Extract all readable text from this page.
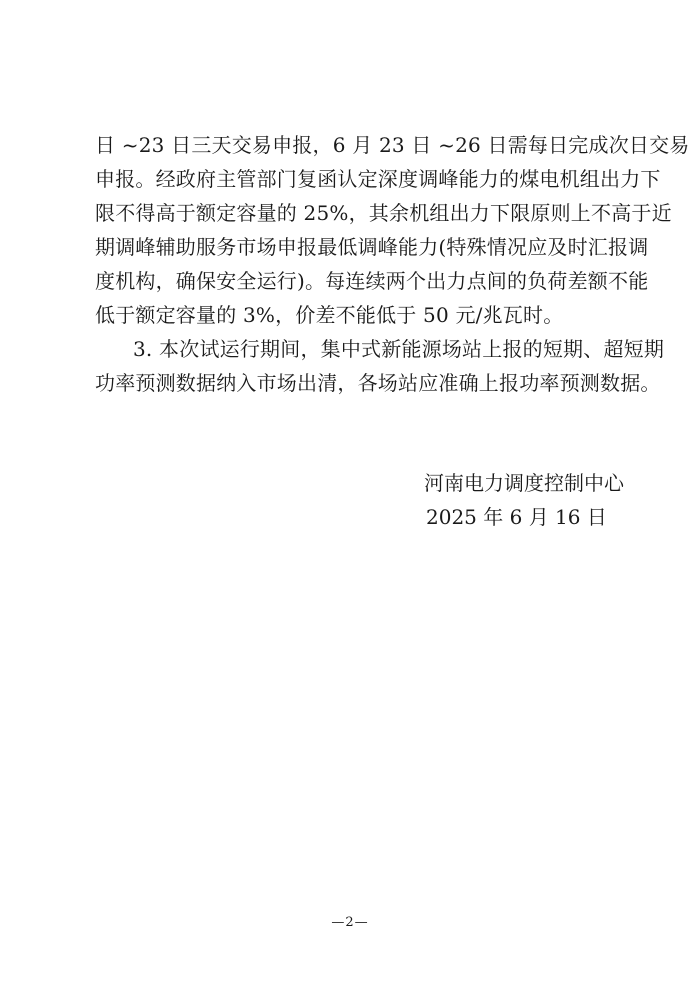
日 ~23 日三天交易申报，6 月 23 日 ~26 日需每日完成次日交易
申报。经政府主管部门复函认定深度调峰能力的煤电机组出力下
限不得高于额定容量的 25%，其余机组出力下限原则上不高于近
期调峰辅助服务市场申报最低调峰能力(特殊情况应及时汇报调
度机构，确保安全运行)。每连续两个出力点间的负荷差额不能
低于额定容量的 3%，价差不能低于 50 元/兆瓦时。
3. 本次试运行期间，集中式新能源场站上报的短期、超短期
功率预测数据纳入市场出清，各场站应准确上报功率预测数据。
河南电力调度控制中心
2025 年 6 月 16 日
—2—
